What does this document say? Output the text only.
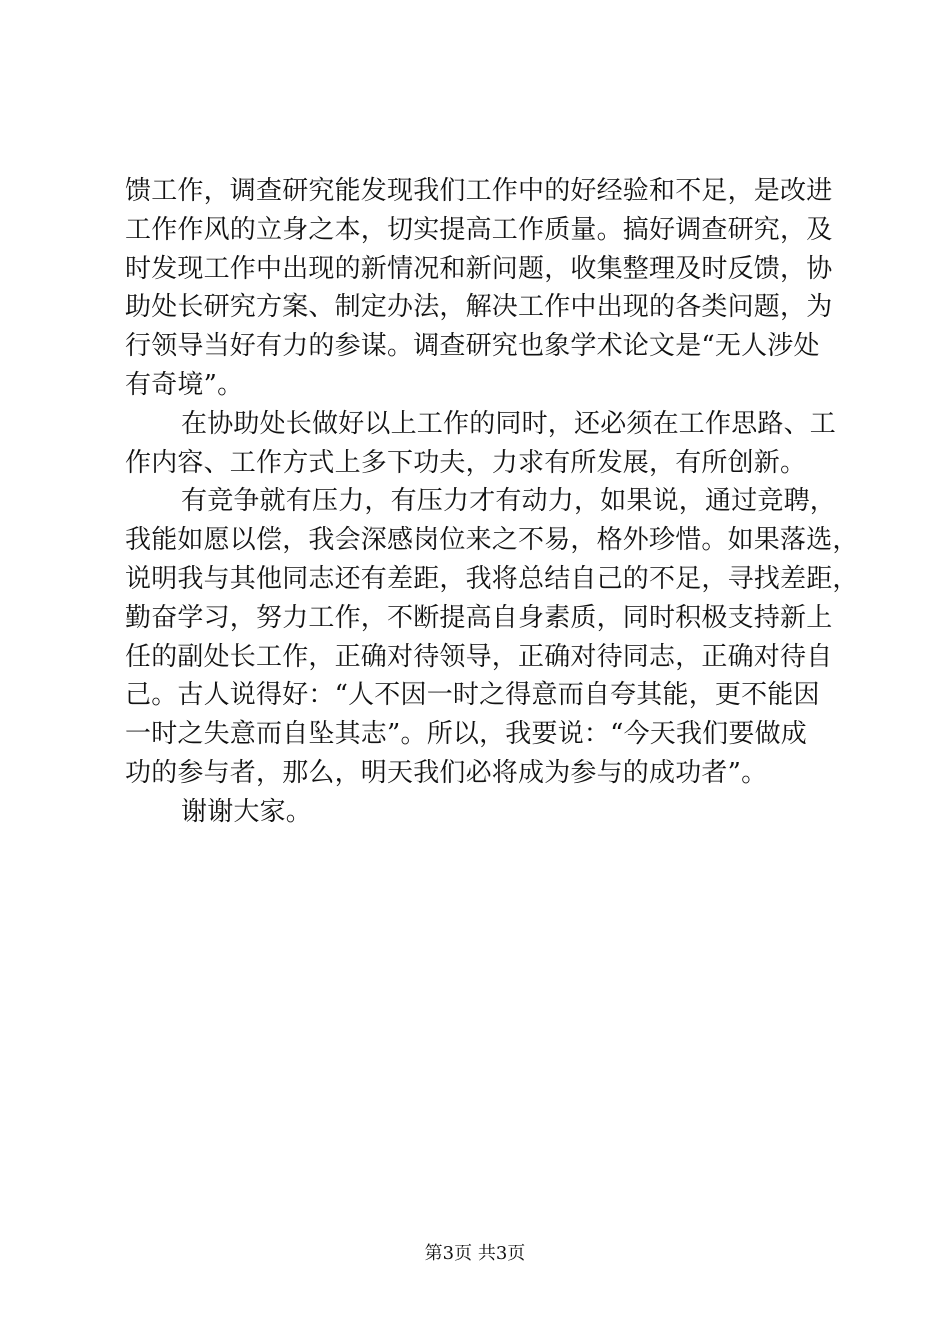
馈工作，调查研究能发现我们工作中的好经验和不足，是改进
工作作风的立身之本，切实提高工作质量。搞好调查研究，及
时发现工作中出现的新情况和新问题，收集整理及时反馈，协
助处长研究方案、制定办法，解决工作中出现的各类问题，为
行领导当好有力的参谋。调查研究也象学术论文是“无人涉处
有奇境”。
在协助处长做好以上工作的同时，还必须在工作思路、工
作内容、工作方式上多下功夫，力求有所发展，有所创新。
有竞争就有压力，有压力才有动力，如果说，通过竞聘，
我能如愿以偿，我会深感岗位来之不易，格外珍惜。如果落选，
说明我与其他同志还有差距，我将总结自己的不足，寻找差距，
勤奋学习，努力工作，不断提高自身素质，同时积极支持新上
任的副处长工作，正确对待领导，正确对待同志，正确对待自
己。古人说得好：“人不因一时之得意而自夸其能，更不能因
一时之失意而自坠其志”。所以，我要说：“今天我们要做成
功的参与者，那么，明天我们必将成为参与的成功者”。
谢谢大家。
第3页 共3页
